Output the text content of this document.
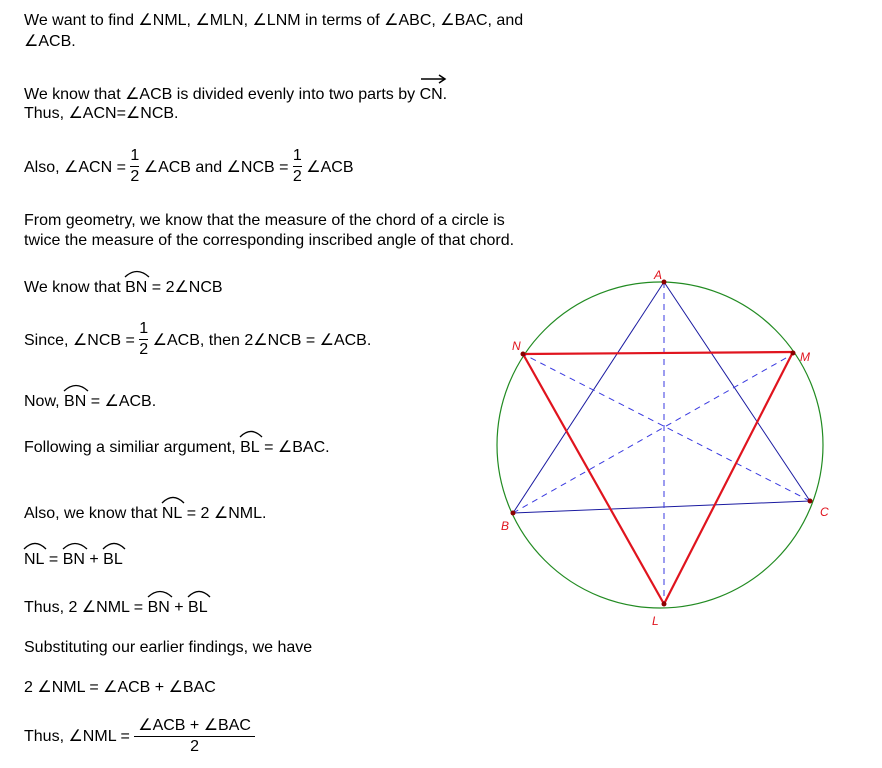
We want to find ∠NML, ∠MLN, ∠LNM in terms of ∠ABC, ∠BAC, and
∠ACB.
We know that ∠ACB is divided evenly into two parts by
CN.
Thus, ∠ACN=∠NCB.
Also, ∠ACN = $\frac{1}{2}$ ∠ACB and ∠NCB = $\frac{1}{2}$ ∠ACB
From geometry, we know that the measure of the chord of a circle is
twice the measure of the corresponding inscribed angle of that chord.
We know that
BN = 2∠NCB
Since, ∠NCB = $\frac{1}{2}$ ∠ACB, then 2∠NCB = ∠ACB.
Now,
BN = ∠ACB.
Following a similiar argument,
BL = ∠BAC.
Also, we know that
NL = 2 ∠NML.
NL =
BN +
BL
Thus, 2 ∠NML =
BN +
BL
Substituting our earlier findings, we have
2 ∠NML = ∠ACB + ∠BAC
Thus, ∠NML = $\frac{\text{∠ACB + ∠BAC}}{2}$
A
B
C
L
M
N
